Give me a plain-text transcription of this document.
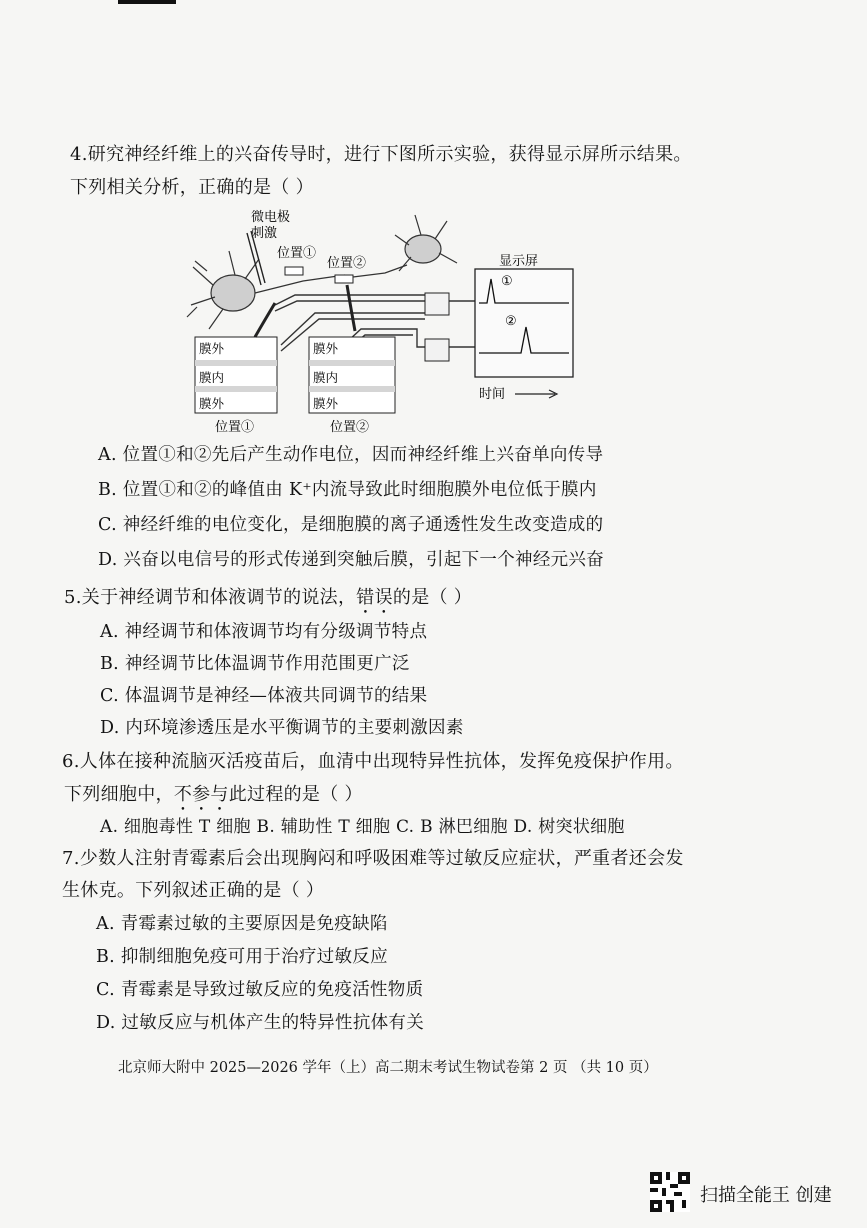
4.研究神经纤维上的兴奋传导时，进行下图所示实验，获得显示屏所示结果。
下列相关分析，正确的是（ ）
微电极
刺激
位置①
位置②	显示屏
①
②
时间
膜外
膜内
膜外
位置①
膜外
膜内
膜外
位置②
A. 位置①和②先后产生动作电位，因而神经纤维上兴奋单向传导
B. 位置①和②的峰值由 K⁺内流导致此时细胞膜外电位低于膜内
C. 神经纤维的电位变化，是细胞膜的离子通透性发生改变造成的
D. 兴奋以电信号的形式传递到突触后膜，引起下一个神经元兴奋
5.关于神经调节和体液调节的说法，错误的是（ ）
A. 神经调节和体液调节均有分级调节特点
B. 神经调节比体温调节作用范围更广泛
C. 体温调节是神经—体液共同调节的结果
D. 内环境渗透压是水平衡调节的主要刺激因素
6.人体在接种流脑灭活疫苗后，血清中出现特异性抗体，发挥免疫保护作用。
下列细胞中，不参与此过程的是（ ）
A. 细胞毒性 T 细胞 B. 辅助性 T 细胞 C. B 淋巴细胞 D. 树突状细胞
7.少数人注射青霉素后会出现胸闷和呼吸困难等过敏反应症状，严重者还会发
生休克。下列叙述正确的是（ ）
A. 青霉素过敏的主要原因是免疫缺陷
B. 抑制细胞免疫可用于治疗过敏反应
C. 青霉素是导致过敏反应的免疫活性物质
D. 过敏反应与机体产生的特异性抗体有关
北京师大附中 2025—2026 学年（上）高二期末考试生物试卷第 2 页 （共 10 页）
扫描全能王 创建
